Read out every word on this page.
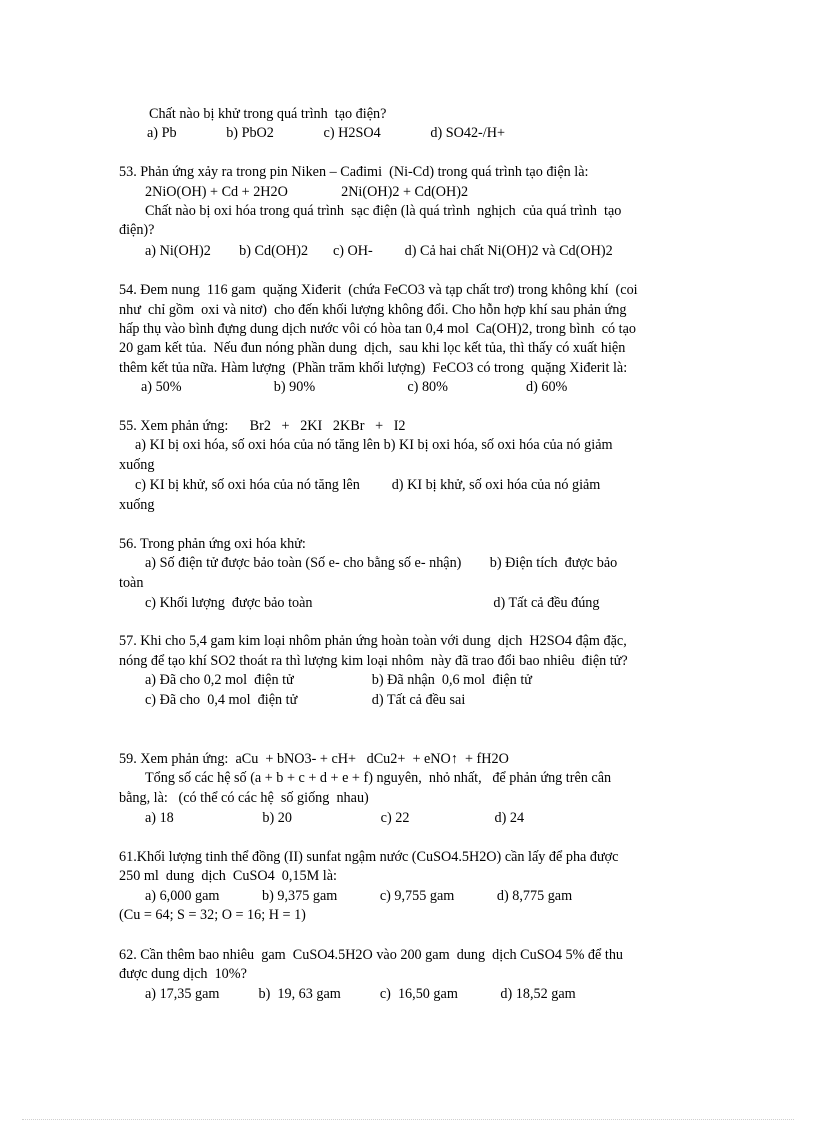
Chất nào bị khử trong quá trình  tạo điện?
a) Pb              b) PbO2              c) H2SO4              d) SO42-/H+
53. Phản ứng xảy ra trong pin Niken – Cađimi  (Ni-Cd) trong quá trình tạo điện là:
2NiO(OH) + Cd + 2H2O               2Ni(OH)2 + Cd(OH)2
Chất nào bị oxi hóa trong quá trình  sạc điện (là quá trình  nghịch  của quá trình  tạo
điện)?
a) Ni(OH)2        b) Cd(OH)2       c) OH-         d) Cả hai chất Ni(OH)2 và Cd(OH)2
54. Đem nung  116 gam  quặng Xiđerit  (chứa FeCO3 và tạp chất trơ) trong không khí  (coi
như  chỉ gồm  oxi và nitơ)  cho đến khối lượng không đổi. Cho hỗn hợp khí sau phản ứng
hấp thụ vào bình đựng dung dịch nước vôi có hòa tan 0,4 mol  Ca(OH)2, trong bình  có tạo
20 gam kết tủa.  Nếu đun nóng phần dung  dịch,  sau khi lọc kết tủa, thì thấy có xuất hiện
thêm kết tủa nữa. Hàm lượng  (Phần trăm khối lượng)  FeCO3 có trong  quặng Xiđerit là:
a) 50%                          b) 90%                          c) 80%                      d) 60%
55. Xem phản ứng:      Br2   +   2KI   2KBr   +   I2
a) KI bị oxi hóa, số oxi hóa của nó tăng lên b) KI bị oxi hóa, số oxi hóa của nó giảm
xuống
c) KI bị khử, số oxi hóa của nó tăng lên         d) KI bị khử, số oxi hóa của nó giảm
xuống
56. Trong phản ứng oxi hóa khử:
a) Số điện tử được bảo toàn (Số e- cho bằng số e- nhận)        b) Điện tích  được bảo
toàn
c) Khối lượng  được bảo toàn                                                   d) Tất cả đều đúng
57. Khi cho 5,4 gam kim loại nhôm phản ứng hoàn toàn với dung  dịch  H2SO4 đậm đặc,
nóng để tạo khí SO2 thoát ra thì lượng kim loại nhôm  này đã trao đổi bao nhiêu  điện tử?
a) Đã cho 0,2 mol  điện tử                      b) Đã nhận  0,6 mol  điện tử
c) Đã cho  0,4 mol  điện tử                     d) Tất cả đều sai
59. Xem phản ứng:  aCu  + bNO3- + cH+   dCu2+  + eNO↑  + fH2O
Tổng số các hệ số (a + b + c + d + e + f) nguyên,  nhỏ nhất,   để phản ứng trên cân
bằng, là:   (có thể có các hệ  số giống  nhau)
a) 18                         b) 20                         c) 22                        d) 24
61.Khối lượng tinh thể đồng (II) sunfat ngậm nước (CuSO4.5H2O) cần lấy để pha được
250 ml  dung  dịch  CuSO4  0,15M là:
a) 6,000 gam            b) 9,375 gam            c) 9,755 gam            d) 8,775 gam
(Cu = 64; S = 32; O = 16; H = 1)
62. Cần thêm bao nhiêu  gam  CuSO4.5H2O vào 200 gam  dung  dịch CuSO4 5% để thu
được dung dịch  10%?
a) 17,35 gam           b)  19, 63 gam           c)  16,50 gam            d) 18,52 gam
